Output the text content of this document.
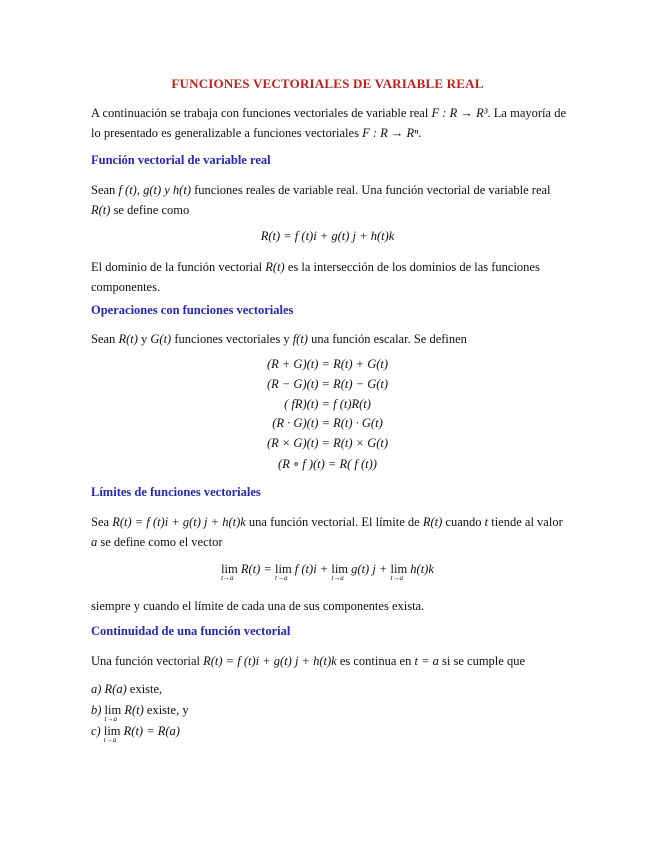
FUNCIONES VECTORIALES DE VARIABLE REAL
A continuación se trabaja con funciones vectoriales de variable real F : R → R³. La mayoría de lo presentado es generalizable a funciones vectoriales F : R → Rⁿ.
Función vectorial de variable real
Sean f (t), g(t) y h(t) funciones reales de variable real. Una función vectorial de variable real R(t) se define como
R(t) = f (t)i + g(t) j + h(t)k
El dominio de la función vectorial R(t) es la intersección de los dominios de las funciones componentes.
Operaciones con funciones vectoriales
Sean R(t) y G(t) funciones vectoriales y f(t) una función escalar. Se definen
(R + G)(t) = R(t) + G(t)
(R − G)(t) = R(t) − G(t)
( fR)(t) = f (t)R(t)
(R · G)(t) = R(t) · G(t)
(R × G)(t) = R(t) × G(t)
(R ∘ f )(t) = R( f (t))
Límites de funciones vectoriales
Sea R(t) = f (t)i + g(t) j + h(t)k una función vectorial. El límite de R(t) cuando t tiende al valor a se define como el vector
lim
t→a
R(t) = lim
t→a
f (t)i + lim
t→a
g(t) j + lim
t→a
h(t)k
siempre y cuando el límite de cada una de sus componentes exista.
Continuidad de una función vectorial
Una función vectorial R(t) = f (t)i + g(t) j + h(t)k es continua en t = a si se cumple que
a) R(a) existe,
b) lim
t→a
R(t) existe, y
c) lim
t→a
R(t) = R(a)
